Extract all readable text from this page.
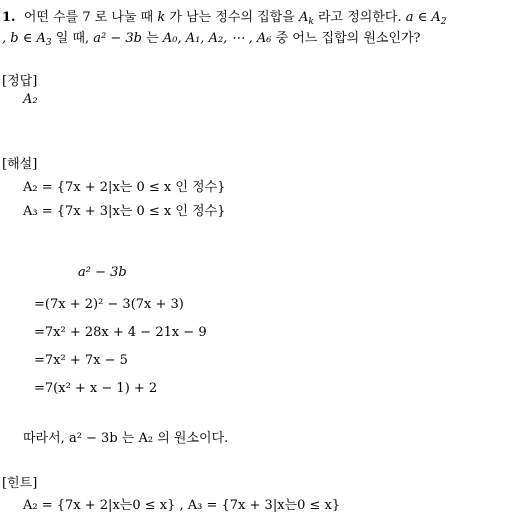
1. 어떤 수를 7 로 나눌 때 k 가 남는 정수의 집합을 $A_k$ 라고 정의한다. a ∈ $A_2$
, b ∈ $A_3$ 일 때, a² − 3b 는 A₀, A₁, A₂, ⋯ , A₆ 중 어느 집합의 원소인가?
[정답]
A₂
[해설]
A₂ = {7x + 2|x는 0 ≤ x 인 정수}
A₃ = {7x + 3|x는 0 ≤ x 인 정수}
a² − 3b
=(7x + 2)² − 3(7x + 3)
=7x² + 28x + 4 − 21x − 9
=7x² + 7x − 5
=7(x² + x − 1) + 2
따라서, a² − 3b 는 A₂ 의 원소이다.
[힌트]
A₂ = {7x + 2|x는0 ≤ x} , A₃ = {7x + 3|x는0 ≤ x}
